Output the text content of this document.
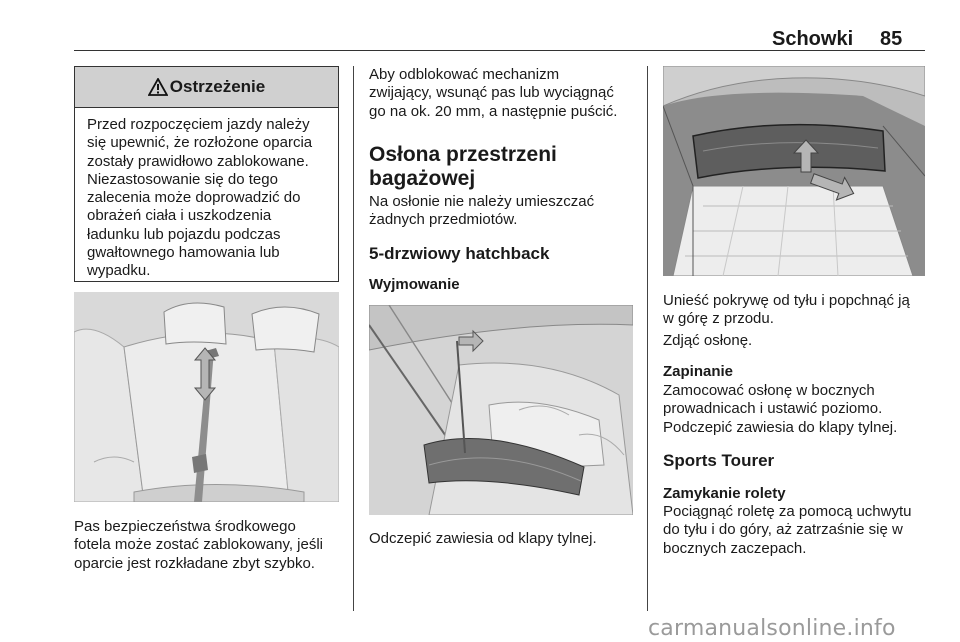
Schowki 85
Ostrzeżenie
Przed rozpoczęciem jazdy należy
się upewnić, że rozłożone oparcia
zostały prawidłowo zablokowane.
Niezastosowanie się do tego
zalecenia może doprowadzić do
obrażeń ciała i uszkodzenia
ładunku lub pojazdu podczas
gwałtownego hamowania lub
wypadku.
Pas bezpieczeństwa środkowego
fotela może zostać zablokowany, jeśli
oparcie jest rozkładane zbyt szybko.
Aby odblokować mechanizm
zwijający, wsunąć pas lub wyciągnąć
go na ok. 20 mm, a następnie puścić.
Osłona przestrzeni
bagażowej
Na osłonie nie należy umieszczać
żadnych przedmiotów.
5-drzwiowy hatchback
Wyjmowanie
Odczepić zawiesia od klapy tylnej.
Unieść pokrywę od tyłu i popchnąć ją
w górę z przodu.
Zdjąć osłonę.
Zapinanie
Zamocować osłonę w bocznych
prowadnicach i ustawić poziomo.
Podczepić zawiesia do klapy tylnej.
Sports Tourer
Zamykanie rolety
Pociągnąć roletę za pomocą uchwytu
do tyłu i do góry, aż zatrzaśnie się w
bocznych zaczepach.
carmanualsonline.info
